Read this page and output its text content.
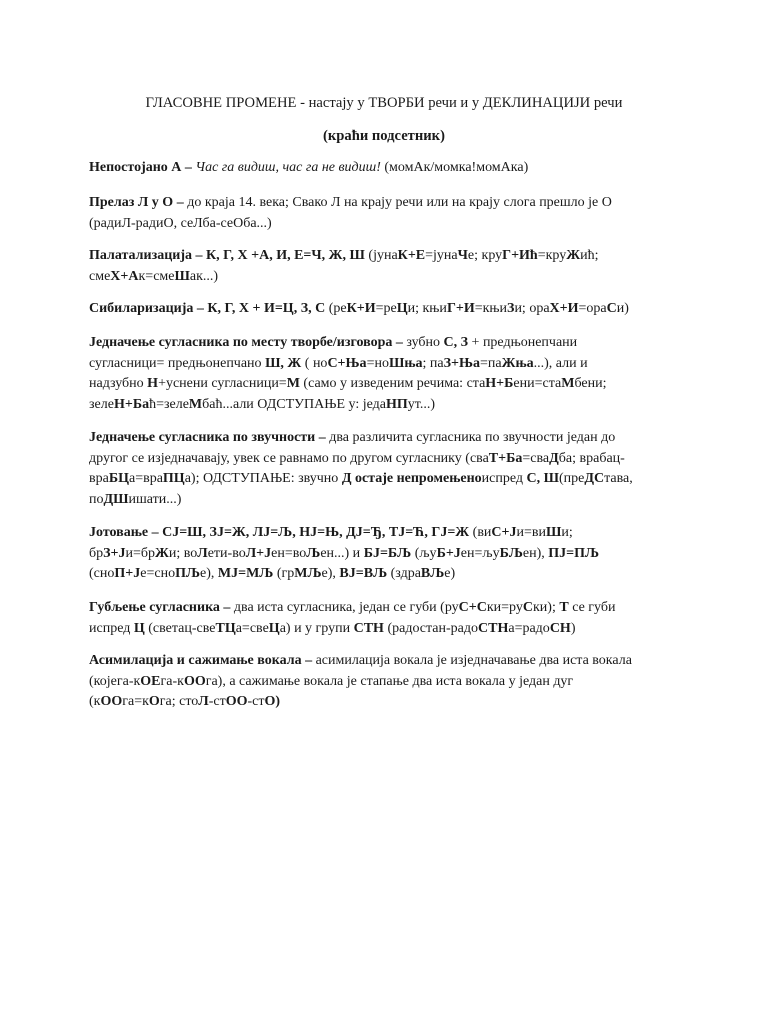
ГЛАСОВНЕ ПРОМЕНЕ - настају у ТВОРБИ речи и у ДЕКЛИНАЦИЈИ речи
(краћи подсетник)
Непостојано А – Час га видиш, час га не видиш! (момАк/момка!момАка)
Прелаз Л у О – до краја 14. века; Свако Л на крају речи или на крају слога прешло је О
(радиЛ-радиО, сеЛба-сеОба...)
Палатализација – К, Г, Х +А, И, Е=Ч, Ж, Ш (јунаК+Е=јунаЧе; круГ+Ић=круЖић;
смеХ+Ак=смеШак...)
Сибиларизација – К, Г, Х + И=Ц, З, С (реК+И=реЦи; књиГ+И=књиЗи; ораХ+И=ораСи)
Једначење сугласника по месту творбе/изговора – зубно С, З + предњонепчани
сугласници= предњонепчано Ш, Ж ( ноС+Ња=ноШња; паЗ+Ња=паЖња...), али и
надзубно Н+уснени сугласници=М (само у изведеним речима: стаН+Бени=стаМбени;
зелеН+Баћ=зелеМбaћ...али ОДСТУПАЊЕ у: једаНПут...)
Једначење сугласника по звучности – два различита сугласника по звучности један до
другог се изједначавају, увек се равнамо по другом сугласнику (сваТ+Ба=сваДба; врабац-
враБЦа=враПЦа); ОДСТУПАЊЕ: звучно Д остаје непромењеноиспред С, Ш(преДСтава,
поДШишати...)
Јотовање – СЈ=Ш, ЗЈ=Ж, ЛЈ=Љ, НЈ=Њ, ДЈ=Ђ, ТЈ=Ћ, ГЈ=Ж (виС+Ји=виШи;
брЗ+Ји=брЖи; воЛети-воЛ+Јен=воЉен...) и БЈ=БЉ (љуБ+Јен=љуБЉен), ПЈ=ПЉ
(сноП+Је=сноПЉе), МЈ=МЉ (грМЉе), ВЈ=ВЉ (здраВЉе)
Губљење сугласника – два иста сугласника, један се губи (руС+Ски=руСки); Т се губи
испред Ц (светац-свеТЦа=свеЦа) и у групи СТН (радостан-радоСТНа=радоСН)
Асимилација и сажимање вокала – асимилација вокала је изједначавање два иста вокала
(којега-кОЕга-кООга), а сажимање вокала је стапање два иста вокала у један дуг
(кООга=кОга; стоЛ-стОО-стО)
